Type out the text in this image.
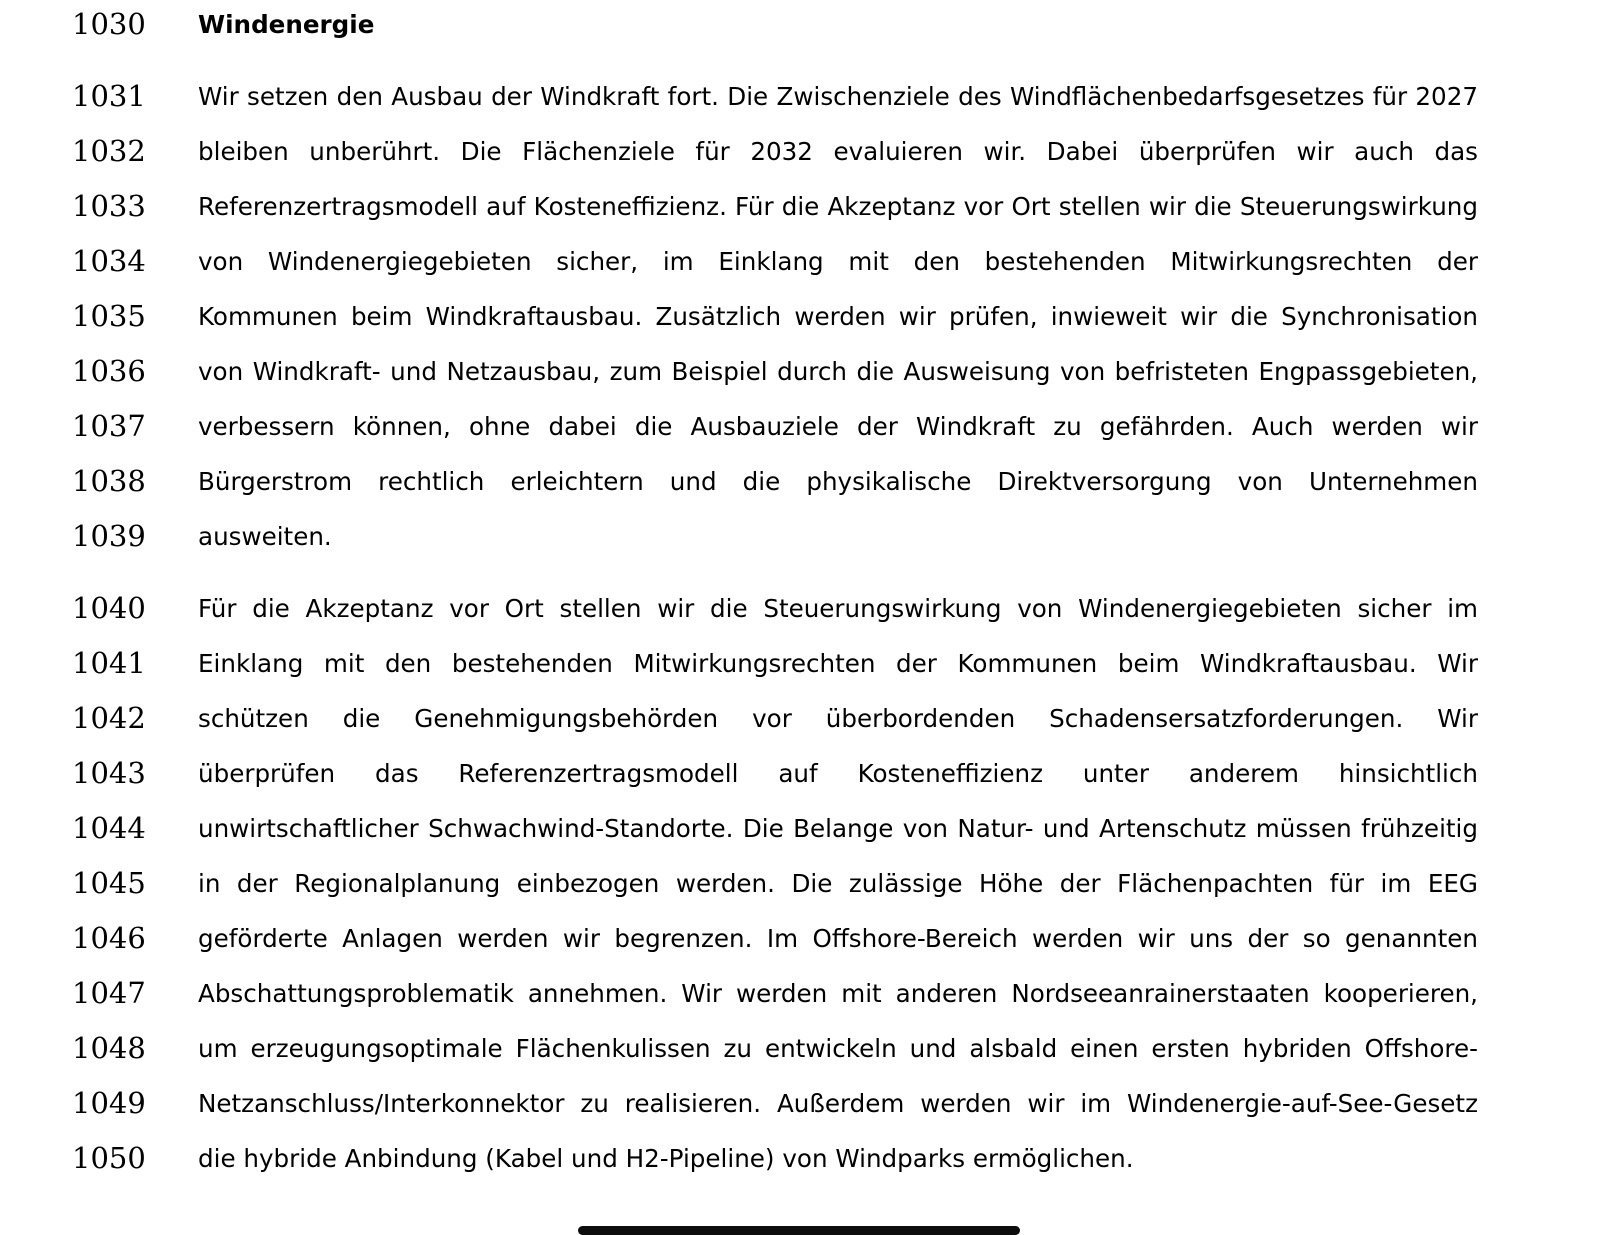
1030 Windenergie
1031 Wir setzen den Ausbau der Windkraft fort. Die Zwischenziele des Windflächenbedarfsgesetzes für 2027
1032 bleiben unberührt. Die Flächenziele für 2032 evaluieren wir. Dabei überprüfen wir auch das
1033 Referenzertragsmodell auf Kosteneffizienz. Für die Akzeptanz vor Ort stellen wir die Steuerungswirkung
1034 von Windenergiegebieten sicher, im Einklang mit den bestehenden Mitwirkungsrechten der
1035 Kommunen beim Windkraftausbau. Zusätzlich werden wir prüfen, inwieweit wir die Synchronisation
1036 von Windkraft- und Netzausbau, zum Beispiel durch die Ausweisung von befristeten Engpassgebieten,
1037 verbessern können, ohne dabei die Ausbauziele der Windkraft zu gefährden. Auch werden wir
1038 Bürgerstrom rechtlich erleichtern und die physikalische Direktversorgung von Unternehmen
1039 ausweiten.
1040 Für die Akzeptanz vor Ort stellen wir die Steuerungswirkung von Windenergiegebieten sicher im
1041 Einklang mit den bestehenden Mitwirkungsrechten der Kommunen beim Windkraftausbau. Wir
1042 schützen die Genehmigungsbehörden vor überbordenden Schadensersatzforderungen. Wir
1043 überprüfen das Referenzertragsmodell auf Kosteneffizienz unter anderem hinsichtlich
1044 unwirtschaftlicher Schwachwind-Standorte. Die Belange von Natur- und Artenschutz müssen frühzeitig
1045 in der Regionalplanung einbezogen werden. Die zulässige Höhe der Flächenpachten für im EEG
1046 geförderte Anlagen werden wir begrenzen. Im Offshore-Bereich werden wir uns der so genannten
1047 Abschattungsproblematik annehmen. Wir werden mit anderen Nordseeanrainerstaaten kooperieren,
1048 um erzeugungsoptimale Flächenkulissen zu entwickeln und alsbald einen ersten hybriden Offshore-
1049 Netzanschluss/Interkonnektor zu realisieren. Außerdem werden wir im Windenergie-auf-See-Gesetz
1050 die hybride Anbindung (Kabel und H2-Pipeline) von Windparks ermöglichen.
